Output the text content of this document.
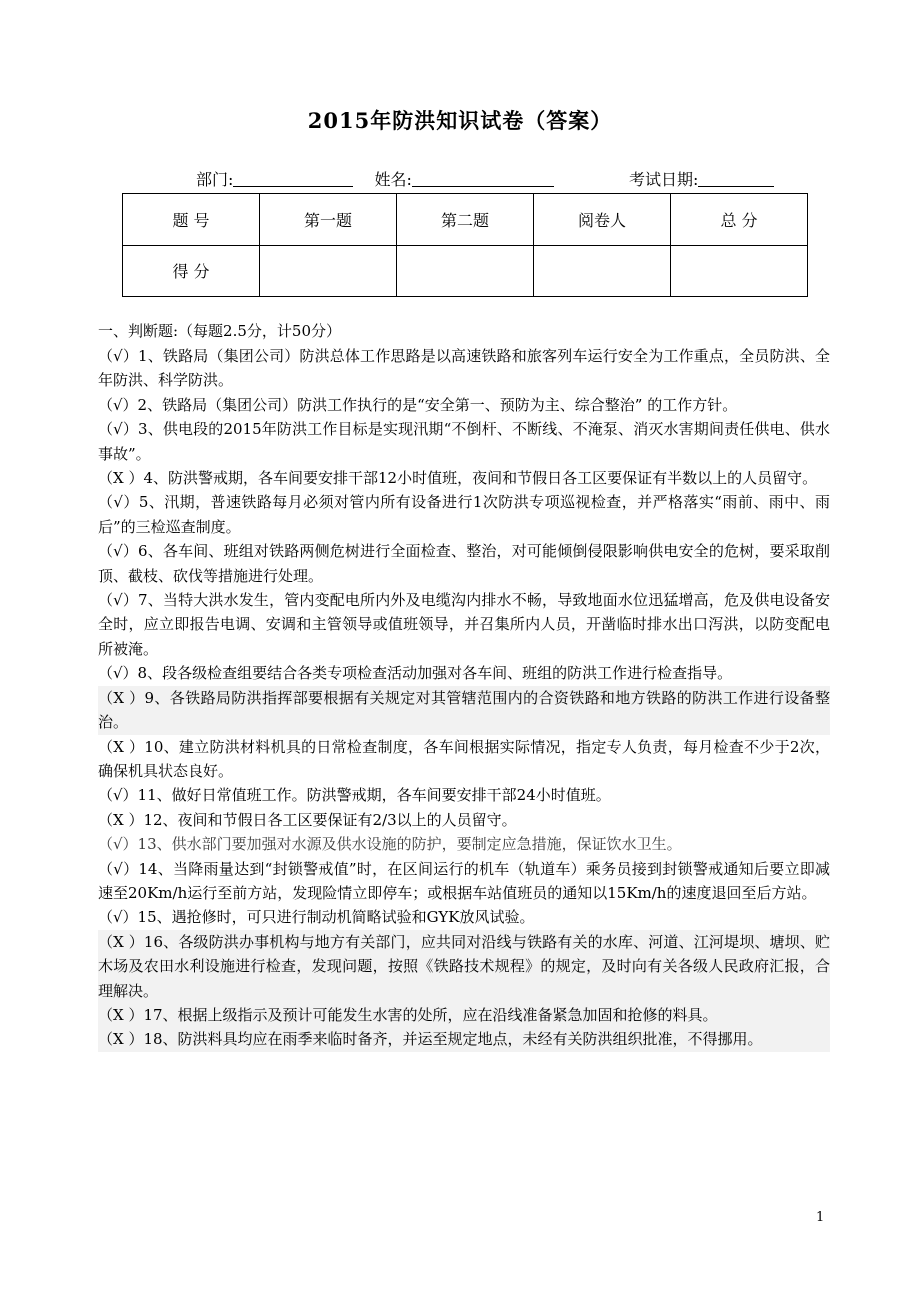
2015年防洪知识试卷（答案）
部门:	姓名:	考试日期:
题 号	第一题	第二题	阅卷人	总 分
得 分				
一、判断题:（每题2.5分，计50分）
（√）1、铁路局（集团公司）防洪总体工作思路是以高速铁路和旅客列车运行安全为工作重点，全员防洪、全年防洪、科学防洪。
（√）2、铁路局（集团公司）防洪工作执行的是“安全第一、预防为主、综合整治” 的工作方针。
（√）3、供电段的2015年防洪工作目标是实现汛期“不倒杆、不断线、不淹泵、消灭水害期间责任供电、供水事故”。
（X ）4、防洪警戒期，各车间要安排干部12小时值班，夜间和节假日各工区要保证有半数以上的人员留守。
（√）5、汛期，普速铁路每月必须对管内所有设备进行1次防洪专项巡视检查，并严格落实“雨前、雨中、雨后”的三检巡查制度。
（√）6、各车间、班组对铁路两侧危树进行全面检查、整治，对可能倾倒侵限影响供电安全的危树，要采取削顶、截枝、砍伐等措施进行处理。
（√）7、当特大洪水发生，管内变配电所内外及电缆沟内排水不畅，导致地面水位迅猛增高，危及供电设备安全时，应立即报告电调、安调和主管领导或值班领导，并召集所内人员，开凿临时排水出口泻洪，以防变配电所被淹。
（√）8、段各级检查组要结合各类专项检查活动加强对各车间、班组的防洪工作进行检查指导。
（X ）9、各铁路局防洪指挥部要根据有关规定对其管辖范围内的合资铁路和地方铁路的防洪工作进行设备整治。
（X ）10、建立防洪材料机具的日常检查制度，各车间根据实际情况，指定专人负责，每月检查不少于2次，确保机具状态良好。
（√）11、做好日常值班工作。防洪警戒期，各车间要安排干部24小时值班。
（X ）12、夜间和节假日各工区要保证有2/3以上的人员留守。
（√）13、供水部门要加强对水源及供水设施的防护，要制定应急措施，保证饮水卫生。
（√）14、当降雨量达到“封锁警戒值”时，在区间运行的机车（轨道车）乘务员接到封锁警戒通知后要立即减速至20Km/h运行至前方站，发现险情立即停车；或根据车站值班员的通知以15Km/h的速度退回至后方站。
（√）15、遇抢修时，可只进行制动机简略试验和GYK放风试验。
（X ）16、各级防洪办事机构与地方有关部门，应共同对沿线与铁路有关的水库、河道、江河堤坝、塘坝、贮木场及农田水利设施进行检查，发现问题，按照《铁路技术规程》的规定，及时向有关各级人民政府汇报，合理解决。
（X ）17、根据上级指示及预计可能发生水害的处所，应在沿线准备紧急加固和抢修的料具。
（X ）18、防洪料具均应在雨季来临时备齐，并运至规定地点，未经有关防洪组织批准，不得挪用。
1
